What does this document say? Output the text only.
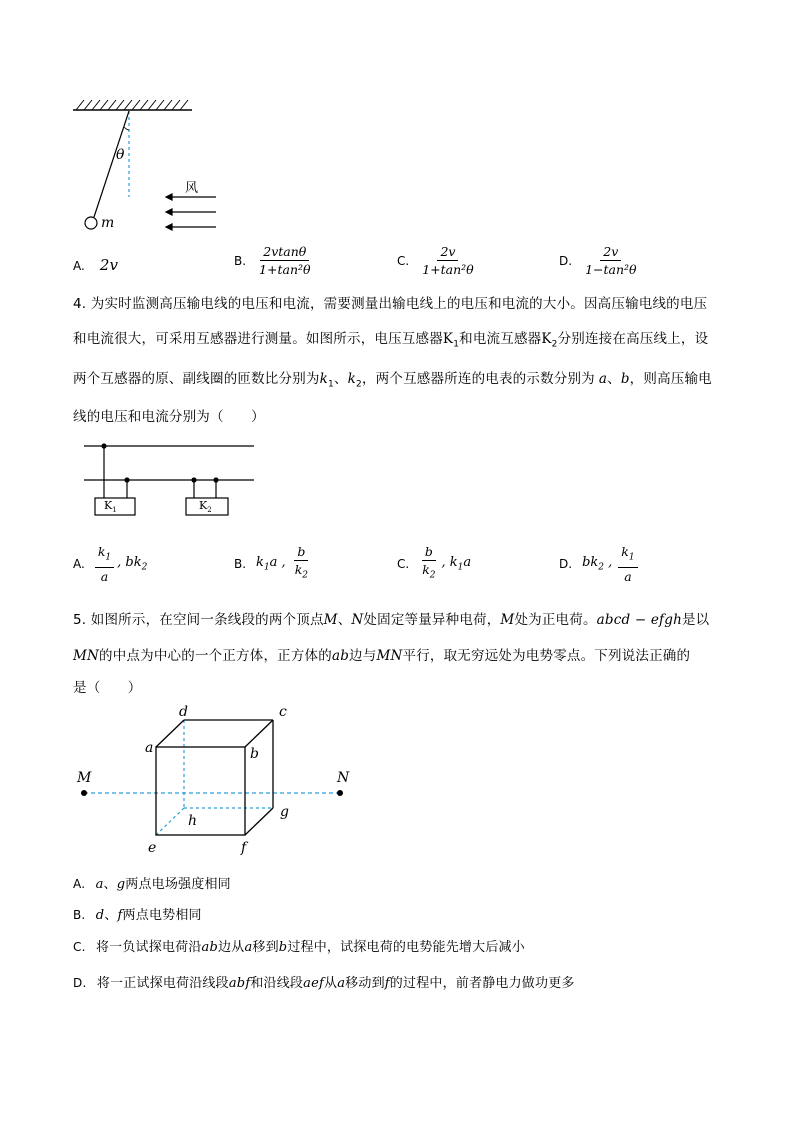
θ
m
风
A. 2v	B. $\frac{2vtan\theta}{\text{1+tan²θ}}$	C. $\frac{2v}{\text{1+tan²θ}}$	D. $\frac{2v}{\text{1−tan²θ}}$
4. 为实时监测高压输电线的电压和电流，需要测量出输电线上的电压和电流的大小。因高压输电线的电压
和电流很大，可采用互感器进行测量。如图所示，电压互感器$K_1$和电流互感器$K_2$分别连接在高压线上，设
两个互感器的原、副线圈的匝数比分别为$k_1$、$k_2$，两个互感器所连的电表的示数分别为 a、b，则高压输电
线的电压和电流分别为（　　）
$K_1$	$K_2$
A. $\frac{k_1}{a}$ , $bk_2$	B. $k_1a$ , $\frac{b}{k_2}$	C. $\frac{b}{k_2}$ , $k_1a$	D. $bk_2$ , $\frac{k_1}{a}$
5. 如图所示，在空间一条线段的两个顶点M、N处固定等量异种电荷，M处为正电荷。abcd − efgh是以
MN的中点为中心的一个正方体，正方体的ab边与MN平行，取无穷远处为电势零点。下列说法正确的
是（　　）
M	N
a	b
c
d
e	f
g
h
A. a、g两点电场强度相同
B. d、f两点电势相同
C. 将一负试探电荷沿ab边从a移到b过程中，试探电荷的电势能先增大后减小
D. 将一正试探电荷沿线段abf和沿线段aef从a移动到f的过程中，前者静电力做功更多
